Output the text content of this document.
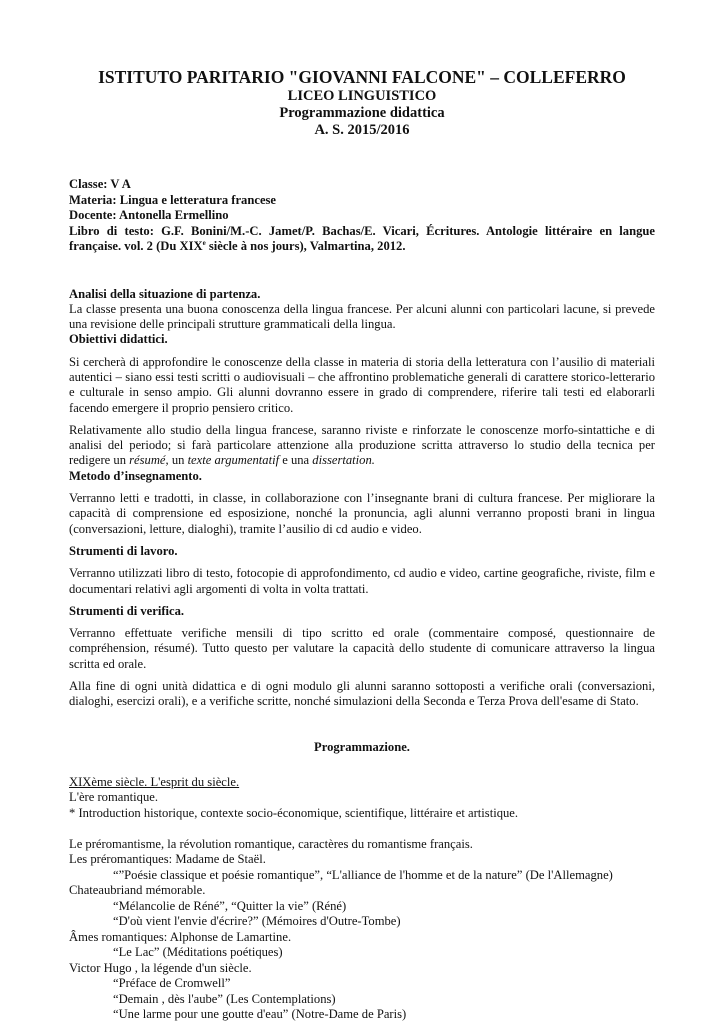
ISTITUTO PARITARIO "GIOVANNI FALCONE" – COLLEFERRO
LICEO LINGUISTICO
Programmazione didattica
A. S. 2015/2016
Classe: V A
Materia: Lingua e letteratura francese
Docente: Antonella Ermellino
Libro di testo: G.F. Bonini/M.-C. Jamet/P. Bachas/E. Vicari, Écritures. Antologie littéraire en langue française. vol. 2 (Du XIXe siècle à nos jours), Valmartina, 2012.
Analisi della situazione di partenza.

La classe presenta una buona conoscenza della lingua francese. Per alcuni alunni con particolari lacune, si prevede una revisione delle principali strutture grammaticali della lingua.

Obiettivi didattici.

Si cercherà di approfondire le conoscenze della classe in materia di storia della letteratura con l’ausilio di materiali autentici – siano essi testi scritti o audiovisuali – che affrontino problematiche generali di carattere storico-letterario e culturale in senso ampio. Gli alunni dovranno essere in grado di comprendere, riferire tali testi ed elaborarli facendo emergere il proprio pensiero critico.

Relativamente allo studio della lingua francese, saranno riviste e rinforzate le conoscenze morfo-sintattiche e di analisi del periodo; si farà particolare attenzione alla produzione scritta attraverso lo studio della tecnica per redigere un résumé, un texte argumentatif e una dissertation.

Metodo d’insegnamento.

Verranno letti e tradotti, in classe, in collaborazione con l’insegnante brani di cultura francese. Per migliorare la capacità di comprensione ed esposizione, nonché la pronuncia, agli alunni verranno proposti brani in lingua (conversazioni, letture, dialoghi), tramite l’ausilio di cd audio e video.

Strumenti di lavoro.

Verranno utilizzati libro di testo, fotocopie di approfondimento, cd audio e video, cartine geografiche, riviste, film e documentari relativi agli argomenti di volta in volta trattati.

Strumenti di verifica.

Verranno effettuate verifiche mensili di tipo scritto ed orale (commentaire composé, questionnaire de compréhension, résumé). Tutto questo per valutare la capacità dello studente di comunicare attraverso la lingua scritta ed orale.

Alla fine di ogni unità didattica e di ogni modulo gli alunni saranno sottoposti a verifiche orali (conversazioni, dialoghi, esercizi orali), e a verifiche scritte, nonché simulazioni della Seconda e Terza Prova dell'esame di Stato.

Programmazione.
XIXème siècle. L'esprit du siècle.
L'ère romantique.
* Introduction historique, contexte socio-économique, scientifique, littéraire et artistique.
Le préromantisme, la révolution romantique, caractères du romantisme français.
Les préromantiques: Madame de Staël.
“”Poésie classique et poésie romantique”, “L'alliance de l'homme et de la nature” (De l'Allemagne)
Chateaubriand mémorable.
“Mélancolie de Réné”, “Quitter la vie” (Réné)
“D'où vient l'envie d'écrire?” (Mémoires d'Outre-Tombe)
Âmes romantiques: Alphonse de Lamartine.
“Le Lac” (Méditations poétiques)
Victor Hugo , la légende d'un siècle.
“Préface de Cromwell”
“Demain , dès l'aube” (Les Contemplations)
“Une larme pour une goutte d'eau” (Notre-Dame de Paris)
